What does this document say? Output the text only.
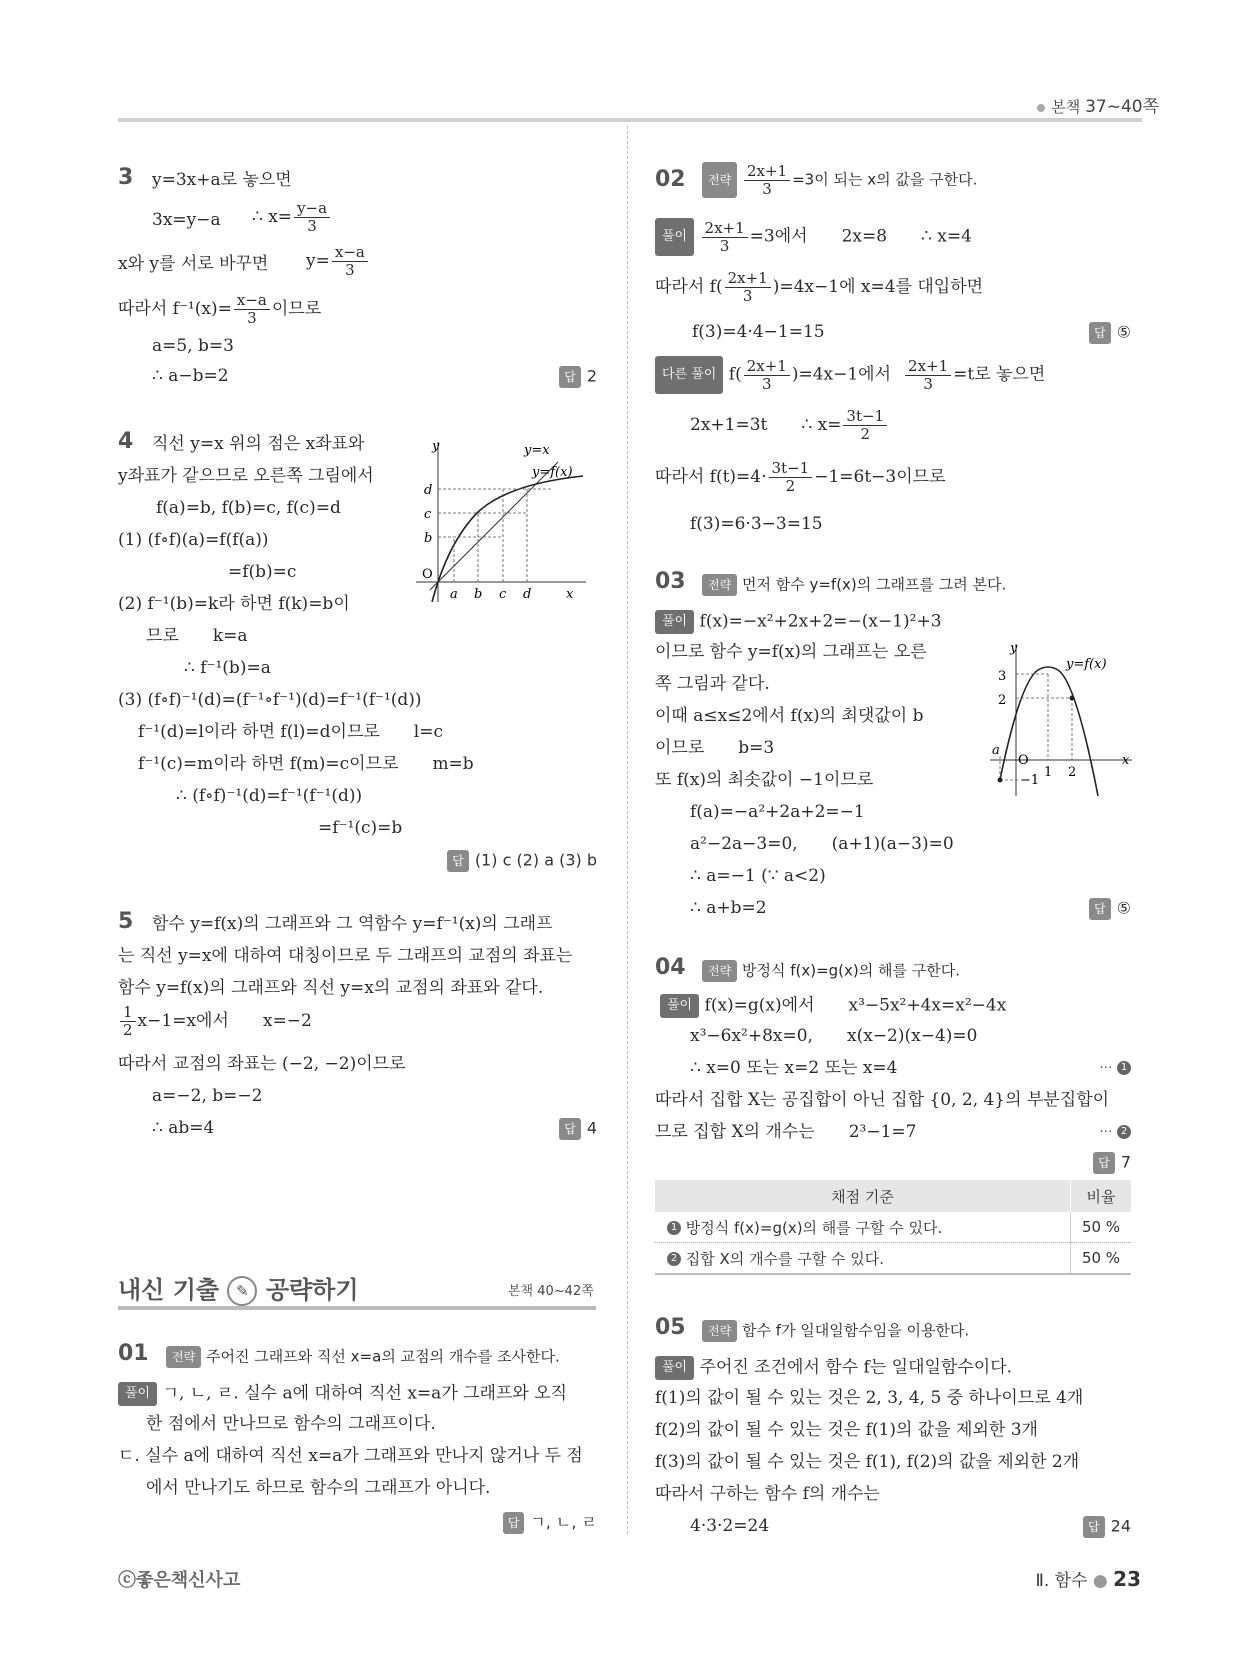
본책 37~40쪽
3 y=3x+a로 놓으면
3x=y−a ∴ $x= \frac{y-a}{3}$
x와 y를 서로 바꾸면 $y= \frac{x-a}{3}$
따라서 $f^{-1}(x)= \frac{x-a}{3}$ 이므로
a=5, b=3
∴ a−b=2	답 2
4 직선 y=x 위의 점은 x좌표와
y좌표가 같으므로 오른쪽 그림에서
f(a)=b, f(b)=c, f(c)=d
(1) (f∘f)(a)=f(f(a))
=f(b)=c
(2) f⁻¹(b)=k라 하면 f(k)=b이
므로 k=a
∴ f⁻¹(b)=a
(3) (f∘f)⁻¹(d)=(f⁻¹∘f⁻¹)(d)=f⁻¹(f⁻¹(d))
f⁻¹(d)=l이라 하면 f(l)=d이므로 l=c
f⁻¹(c)=m이라 하면 f(m)=c이므로 m=b
∴ (f∘f)⁻¹(d)=f⁻¹(f⁻¹(d))
=f⁻¹(c)=b
답 (1) c (2) a (3) b
y
x
O
b
c
d
a b c d
y=x
y=f(x)
5 함수 y=f(x)의 그래프와 그 역함수 y=f⁻¹(x)의 그래프
는 직선 y=x에 대하여 대칭이므로 두 그래프의 교점의 좌표는
함수 y=f(x)의 그래프와 직선 y=x의 교점의 좌표와 같다.
$\frac{1}{2} x-1=x$에서 x=−2
따라서 교점의 좌표는 (−2, −2)이므로
a=−2, b=−2
∴ ab=4	답 4
내신 기출 ✎ 공략하기	본책 40~42쪽
01	전략 주어진 그래프와 직선 x=a의 교점의 개수를 조사한다.
풀이 ㄱ, ㄴ, ㄹ. 실수 a에 대하여 직선 x=a가 그래프와 오직
한 점에서 만나므로 함수의 그래프이다.
ㄷ. 실수 a에 대하여 직선 x=a가 그래프와 만나지 않거나 두 점
에서 만나기도 하므로 함수의 그래프가 아니다.
답 ㄱ, ㄴ, ㄹ
02	전략 $\frac{2x+1}{3} =3$이 되는 x의 값을 구한다.
풀이 $\frac{2x+1}{3} =3$에서 2x=8 ∴ x=4
따라서 $f( \frac{2x+1}{3} )=4x-1$에 x=4를 대입하면
f(3)=4·4−1=15	답 ⑤
다른 풀이 $f( \frac{2x+1}{3} )=4x-1$에서 $\frac{2x+1}{3} =t$로 놓으면
2x+1=3t ∴ $x= \frac{3t-1}{2}$
따라서 $f(t)=4\cdot \frac{3t-1}{2} -1=6t-3$이므로
f(3)=6·3−3=15
03	전략 먼저 함수 y=f(x)의 그래프를 그려 본다.
풀이 f(x)=−x²+2x+2=−(x−1)²+3
이므로 함수 y=f(x)의 그래프는 오른
쪽 그림과 같다.
이때 a≤x≤2에서 f(x)의 최댓값이 b
이므로 b=3
또 f(x)의 최솟값이 −1이므로
f(a)=−a²+2a+2=−1
a²−2a−3=0, (a+1)(a−3)=0
∴ a=−1 (∵ a<2)
∴ a+b=2	답 ⑤
y
x
O
3
2
−1
1 2
a
y=f(x)
04	전략 방정식 f(x)=g(x)의 해를 구한다.
풀이 f(x)=g(x)에서 x³−5x²+4x=x²−4x
x³−6x²+8x=0, x(x−2)(x−4)=0
∴ x=0 또는 x=2 또는 x=4	··· 1
따라서 집합 X는 공집합이 아닌 집합 {0, 2, 4}의 부분집합이
므로 집합 X의 개수는 2³−1=7	··· 2
답 7
채점 기준	비율
1 방정식 f(x)=g(x)의 해를 구할 수 있다.	50 %
2 집합 X의 개수를 구할 수 있다.	50 %
05	전략 함수 f가 일대일함수임을 이용한다.
풀이 주어진 조건에서 함수 f는 일대일함수이다.
f(1)의 값이 될 수 있는 것은 2, 3, 4, 5 중 하나이므로 4개
f(2)의 값이 될 수 있는 것은 f(1)의 값을 제외한 3개
f(3)의 값이 될 수 있는 것은 f(1), f(2)의 값을 제외한 2개
따라서 구하는 함수 f의 개수는
4·3·2=24	답 24
ⓒ좋은책신사고	Ⅱ. 함수 ● 23
